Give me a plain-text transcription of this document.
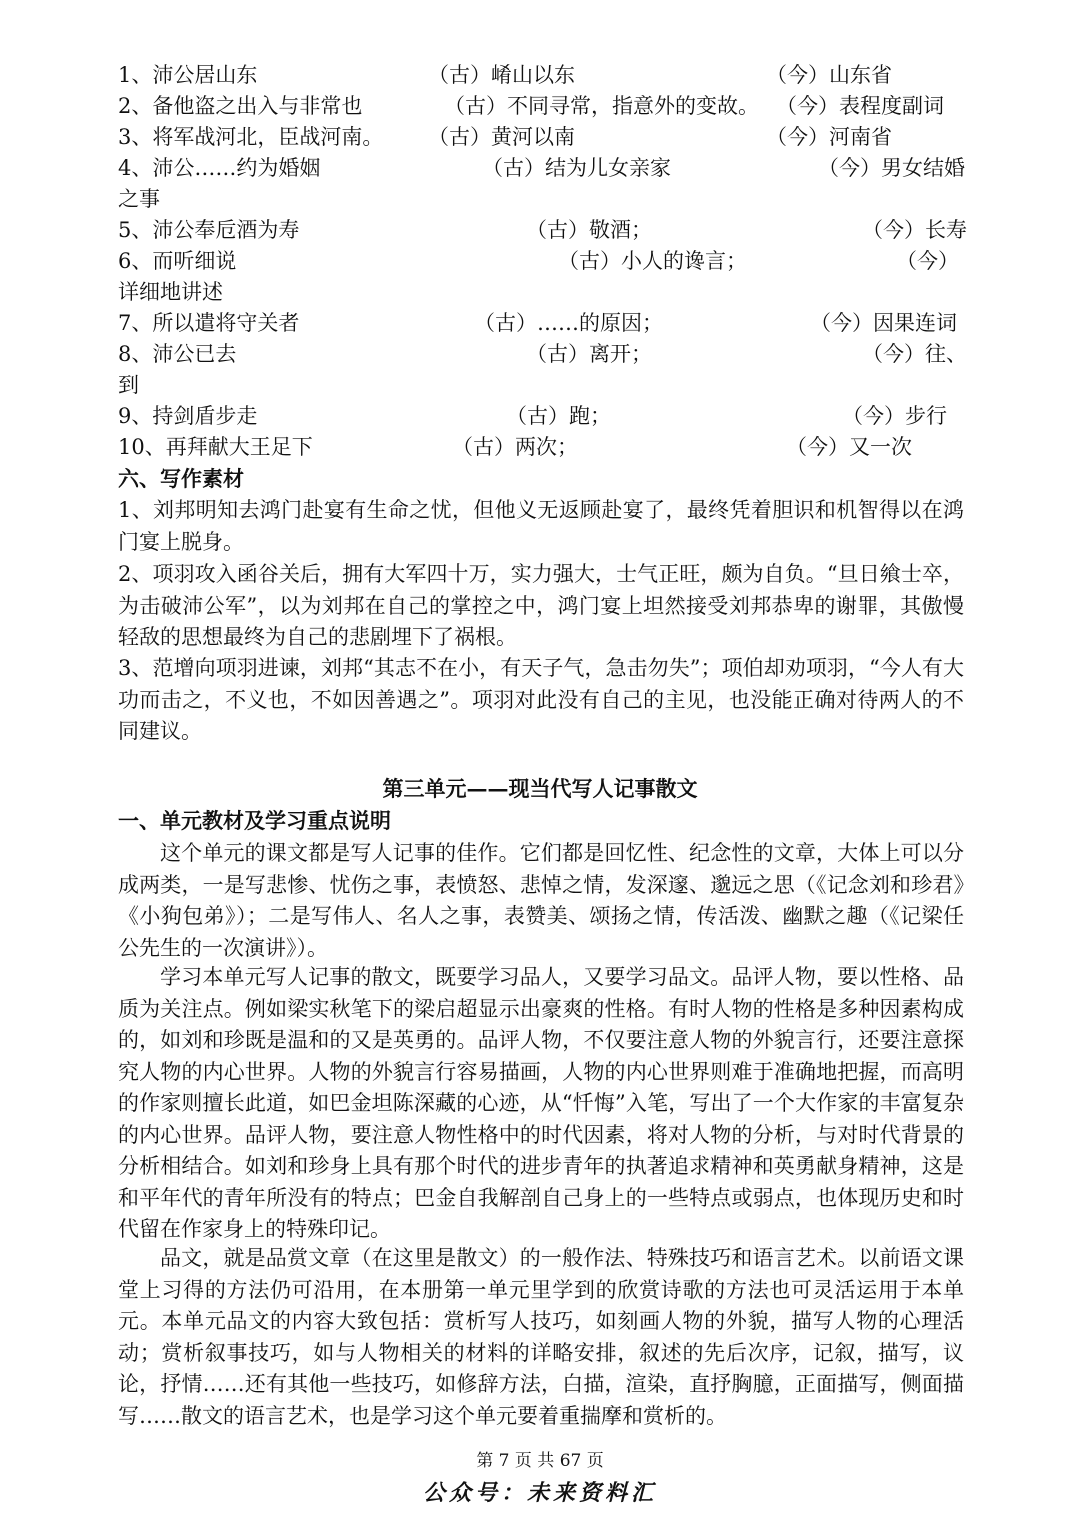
1、沛公居山东	（古）崤山以东	（今）山东省
2、备他盗之出入与非常也	（古）不同寻常，指意外的变故。 （今）表程度副词
3、将军战河北，臣战河南。 （古）黄河以南	（今）河南省
4、沛公……约为婚姻	（古）结为儿女亲家	（今）男女结婚
之事
5、沛公奉卮酒为寿	（古）敬酒；	（今）长寿
6、而听细说	（古）小人的谗言；	（今）
详细地讲述
7、所以遣将守关者	（古）……的原因；	（今）因果连词
8、沛公已去	（古）离开；	（今）往、
到
9、持剑盾步走	（古）跑；	（今）步行
10、再拜献大王足下	（古）两次；	（今）又一次
六、写作素材
1、刘邦明知去鸿门赴宴有生命之忧，但他义无返顾赴宴了，最终凭着胆识和机智得以在鸿门宴上脱身。
2、项羽攻入函谷关后，拥有大军四十万，实力强大，士气正旺，颇为自负。“旦日飨士卒，为击破沛公军”，以为刘邦在自己的掌控之中，鸿门宴上坦然接受刘邦恭卑的谢罪，其傲慢轻敌的思想最终为自己的悲剧埋下了祸根。
3、范增向项羽进谏，刘邦“其志不在小，有天子气，急击勿失”；项伯却劝项羽，“今人有大功而击之，不义也，不如因善遇之”。项羽对此没有自己的主见，也没能正确对待两人的不同建议。
第三单元——现当代写人记事散文
一、单元教材及学习重点说明
这个单元的课文都是写人记事的佳作。它们都是回忆性、纪念性的文章，大体上可以分成两类，一是写悲惨、忧伤之事，表愤怒、悲悼之情，发深邃、邈远之思（《记念刘和珍君》《小狗包弟》）；二是写伟人、名人之事，表赞美、颂扬之情，传活泼、幽默之趣（《记梁任公先生的一次演讲》）。
学习本单元写人记事的散文，既要学习品人，又要学习品文。品评人物，要以性格、品质为关注点。例如梁实秋笔下的梁启超显示出豪爽的性格。有时人物的性格是多种因素构成的，如刘和珍既是温和的又是英勇的。品评人物，不仅要注意人物的外貌言行，还要注意探究人物的内心世界。人物的外貌言行容易描画，人物的内心世界则难于准确地把握，而高明的作家则擅长此道，如巴金坦陈深藏的心迹，从“忏悔”入笔，写出了一个大作家的丰富复杂的内心世界。品评人物，要注意人物性格中的时代因素，将对人物的分析，与对时代背景的分析相结合。如刘和珍身上具有那个时代的进步青年的执著追求精神和英勇献身精神，这是和平年代的青年所没有的特点；巴金自我解剖自己身上的一些特点或弱点，也体现历史和时代留在作家身上的特殊印记。
品文，就是品赏文章（在这里是散文）的一般作法、特殊技巧和语言艺术。以前语文课堂上习得的方法仍可沿用，在本册第一单元里学到的欣赏诗歌的方法也可灵活运用于本单元。本单元品文的内容大致包括：赏析写人技巧，如刻画人物的外貌，描写人物的心理活动；赏析叙事技巧，如与人物相关的材料的详略安排，叙述的先后次序，记叙，描写，议论，抒情……还有其他一些技巧，如修辞方法，白描，渲染，直抒胸臆，正面描写，侧面描写……散文的语言艺术，也是学习这个单元要着重揣摩和赏析的。
第 7 页 共 67 页
公众号：未来资料汇
